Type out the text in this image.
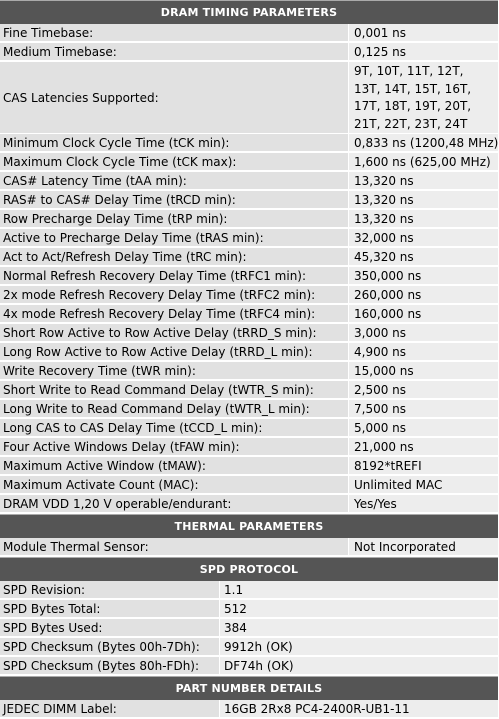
DRAM TIMING PARAMETERS
Fine Timebase:	0,001 ns
Medium Timebase:	0,125 ns
CAS Latencies Supported:
9T, 10T, 11T, 12T,
13T, 14T, 15T, 16T,
17T, 18T, 19T, 20T,
21T, 22T, 23T, 24T
Minimum Clock Cycle Time (tCK min):	0,833 ns (1200,48 MHz)
Maximum Clock Cycle Time (tCK max):	1,600 ns (625,00 MHz)
CAS# Latency Time (tAA min):	13,320 ns
RAS# to CAS# Delay Time (tRCD min):	13,320 ns
Row Precharge Delay Time (tRP min):	13,320 ns
Active to Precharge Delay Time (tRAS min):	32,000 ns
Act to Act/Refresh Delay Time (tRC min):	45,320 ns
Normal Refresh Recovery Delay Time (tRFC1 min):	350,000 ns
2x mode Refresh Recovery Delay Time (tRFC2 min):	260,000 ns
4x mode Refresh Recovery Delay Time (tRFC4 min):	160,000 ns
Short Row Active to Row Active Delay (tRRD_S min):	3,000 ns
Long Row Active to Row Active Delay (tRRD_L min):	4,900 ns
Write Recovery Time (tWR min):	15,000 ns
Short Write to Read Command Delay (tWTR_S min):	2,500 ns
Long Write to Read Command Delay (tWTR_L min):	7,500 ns
Long CAS to CAS Delay Time (tCCD_L min):	5,000 ns
Four Active Windows Delay (tFAW min):	21,000 ns
Maximum Active Window (tMAW):	8192*tREFI
Maximum Activate Count (MAC):	Unlimited MAC
DRAM VDD 1,20 V operable/endurant:	Yes/Yes
THERMAL PARAMETERS
Module Thermal Sensor:	Not Incorporated
SPD PROTOCOL
SPD Revision:	1.1
SPD Bytes Total:	512
SPD Bytes Used:	384
SPD Checksum (Bytes 00h-7Dh):	9912h (OK)
SPD Checksum (Bytes 80h-FDh):	DF74h (OK)
PART NUMBER DETAILS
JEDEC DIMM Label:	16GB 2Rx8 PC4-2400R-UB1-11
